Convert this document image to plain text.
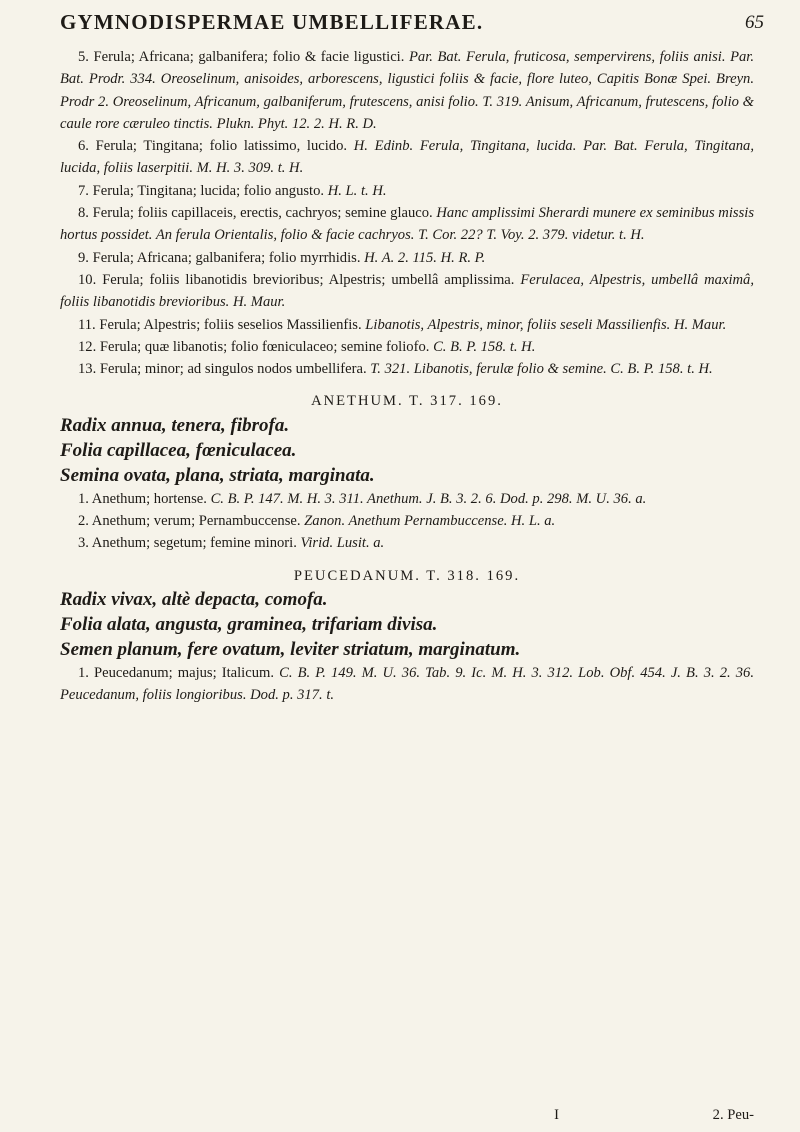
GYMNODISPERMAE UMBELLIFERAE.	65

5. Ferula; Africana; galbanifera; folio & facie ligustici. Par. Bat. Ferula, fruticosa, sempervirens, foliis anisi. Par. Bat. Prodr. 334. Oreoselinum, anisoides, arborescens, ligustici foliis & facie, flore luteo, Capitis Bonæ Spei. Breyn. Prodr 2. Oreoselinum, Africanum, galbaniferum, frutescens, anisi folio. T. 319. Anisum, Africanum, frutescens, folio & caule rore cæruleo tinctis. Plukn. Phyt. 12. 2. H. R. D.

6. Ferula; Tingitana; folio latissimo, lucido. H. Edinb. Ferula, Tingitana, lucida. Par. Bat. Ferula, Tingitana, lucida, foliis laserpitii. M. H. 3. 309. t. H.

7. Ferula; Tingitana; lucida; folio angusto. H. L. t. H.

8. Ferula; foliis capillaceis, erectis, cachryos; semine glauco. Hanc amplissimi Sherardi munere ex seminibus missis hortus possidet. An ferula Orientalis, folio & facie cachryos. T. Cor. 22? T. Voy. 2. 379. videtur. t. H.

9. Ferula; Africana; galbanifera; folio myrrhidis. H. A. 2. 115. H. R. P.

10. Ferula; foliis libanotidis brevioribus; Alpestris; umbellâ amplissima. Ferulacea, Alpestris, umbellâ maximâ, foliis libanotidis brevioribus. H. Maur.

11. Ferula; Alpestris; foliis seselios Massilienfis. Libanotis, Alpestris, minor, foliis seseli Massilienfis. H. Maur.

12. Ferula; quæ libanotis; folio fœniculaceo; semine foliofo. C. B. P. 158. t. H.

13. Ferula; minor; ad singulos nodos umbellifera. T. 321. Libanotis, ferulæ folio & semine. C. B. P. 158. t. H.

ANETHUM. T. 317. 169.

Radix annua, tenera, fibrofa.

Folia capillacea, fœniculacea.

Semina ovata, plana, striata, marginata.

1. Anethum; hortense. C. B. P. 147. M. H. 3. 311. Anethum. J. B. 3. 2. 6. Dod. p. 298. M. U. 36. a.

2. Anethum; verum; Pernambuccense. Zanon. Anethum Pernambuccense. H. L. a.

3. Anethum; segetum; femine minori. Virid. Lusit. a.

PEUCEDANUM. T. 318. 169.

Radix vivax, altè depacta, comofa.

Folia alata, angusta, graminea, trifariam divisa.

Semen planum, fere ovatum, leviter striatum, marginatum.

1. Peucedanum; majus; Italicum. C. B. P. 149. M. U. 36. Tab. 9. Ic. M. H. 3. 312. Lob. Obf. 454. J. B. 3. 2. 36. Peucedanum, foliis longioribus. Dod. p. 317. t.

I	2. Peu-
